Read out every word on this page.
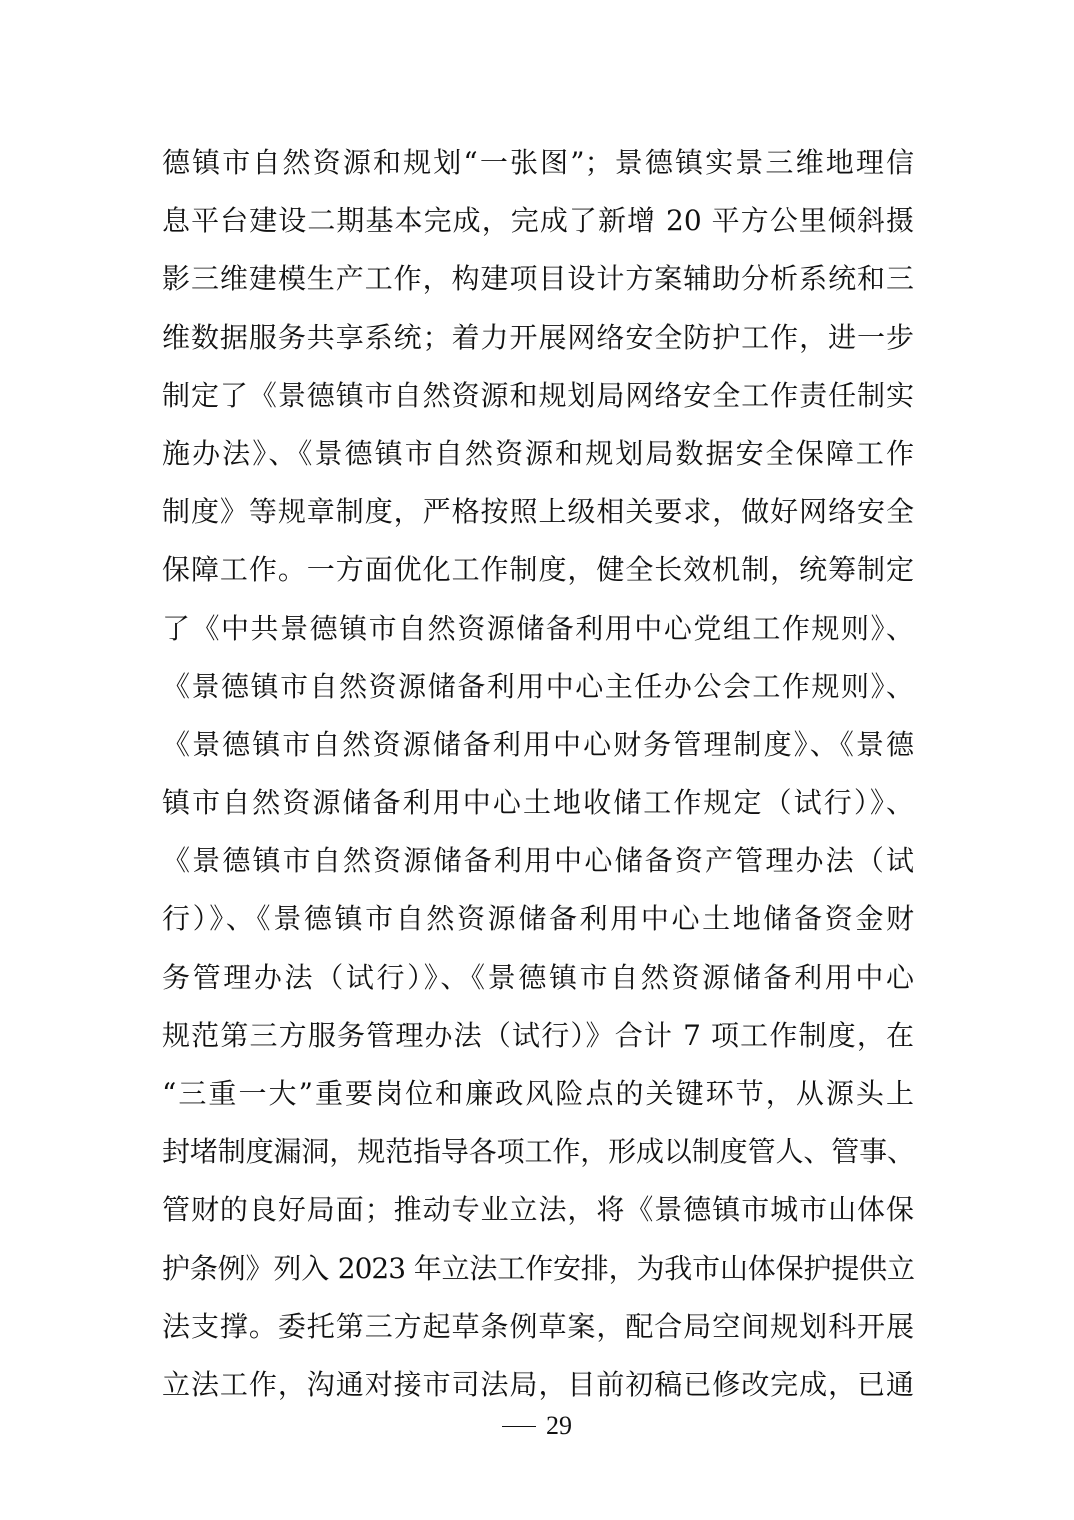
德镇市自然资源和规划“一张图”；景德镇实景三维地理信
息平台建设二期基本完成，完成了新增 20 平方公里倾斜摄
影三维建模生产工作，构建项目设计方案辅助分析系统和三
维数据服务共享系统；着力开展网络安全防护工作，进一步
制定了《景德镇市自然资源和规划局网络安全工作责任制实
施办法》、《景德镇市自然资源和规划局数据安全保障工作
制度》等规章制度，严格按照上级相关要求，做好网络安全
保障工作。一方面优化工作制度，健全长效机制，统筹制定
了《中共景德镇市自然资源储备利用中心党组工作规则》、
《景德镇市自然资源储备利用中心主任办公会工作规则》、
《景德镇市自然资源储备利用中心财务管理制度》、《景德
镇市自然资源储备利用中心土地收储工作规定（试行）》、
《景德镇市自然资源储备利用中心储备资产管理办法（试
行）》、《景德镇市自然资源储备利用中心土地储备资金财
务管理办法（试行）》、《景德镇市自然资源储备利用中心
规范第三方服务管理办法（试行）》合计 7 项工作制度，在
“三重一大”重要岗位和廉政风险点的关键环节，从源头上
封堵制度漏洞，规范指导各项工作，形成以制度管人、管事、
管财的良好局面；推动专业立法，将《景德镇市城市山体保
护条例》列入 2023 年立法工作安排，为我市山体保护提供立
法支撑。委托第三方起草条例草案，配合局空间规划科开展
立法工作，沟通对接市司法局，目前初稿已修改完成，已通
29
